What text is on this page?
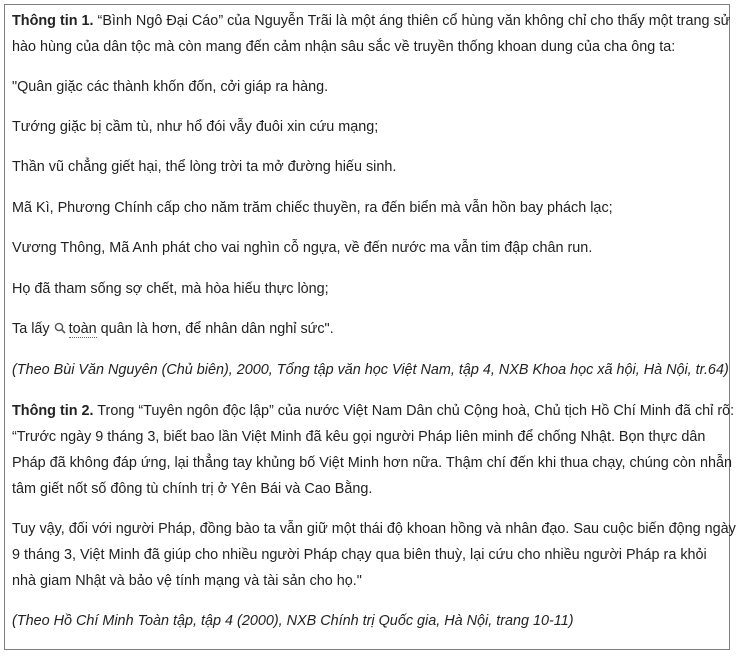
Thông tin 1. “Bình Ngô Đại Cáo” của Nguyễn Trãi là một áng thiên cổ hùng văn không chỉ cho thấy một trang sử
hào hùng của dân tộc mà còn mang đến cảm nhận sâu sắc về truyền thống khoan dung của cha ông ta:
"Quân giặc các thành khốn đốn, cởi giáp ra hàng.
Tướng giặc bị cầm tù, như hổ đói vẫy đuôi xin cứu mạng;
Thần vũ chẳng giết hại, thể lòng trời ta mở đường hiếu sinh.
Mã Kì, Phương Chính cấp cho năm trăm chiếc thuyền, ra đến biển mà vẫn hồn bay phách lạc;
Vương Thông, Mã Anh phát cho vai nghìn cỗ ngựa, về đến nước ma vẫn tim đập chân run.
Họ đã tham sống sợ chết, mà hòa hiếu thực lòng;
Ta lấy toàn quân là hơn, để nhân dân nghỉ sức".
(Theo Bùi Văn Nguyên (Chủ biên), 2000, Tổng tập văn học Việt Nam, tập 4, NXB Khoa học xã hội, Hà Nội, tr.64)
Thông tin 2. Trong “Tuyên ngôn độc lập” của nước Việt Nam Dân chủ Cộng hoà, Chủ tịch Hồ Chí Minh đã chỉ rõ:
“Trước ngày 9 tháng 3, biết bao lần Việt Minh đã kêu gọi người Pháp liên minh để chống Nhật. Bọn thực dân
Pháp đã không đáp ứng, lại thẳng tay khủng bố Việt Minh hơn nữa. Thậm chí đến khi thua chạy, chúng còn nhẫn
tâm giết nốt số đông tù chính trị ở Yên Bái và Cao Bằng.
Tuy vậy, đối với người Pháp, đồng bào ta vẫn giữ một thái độ khoan hồng và nhân đạo. Sau cuộc biến động ngày
9 tháng 3, Việt Minh đã giúp cho nhiều người Pháp chạy qua biên thuỳ, lại cứu cho nhiều người Pháp ra khỏi
nhà giam Nhật và bảo vệ tính mạng và tài sản cho họ."
(Theo Hồ Chí Minh Toàn tập, tập 4 (2000), NXB Chính trị Quốc gia, Hà Nội, trang 10-11)
